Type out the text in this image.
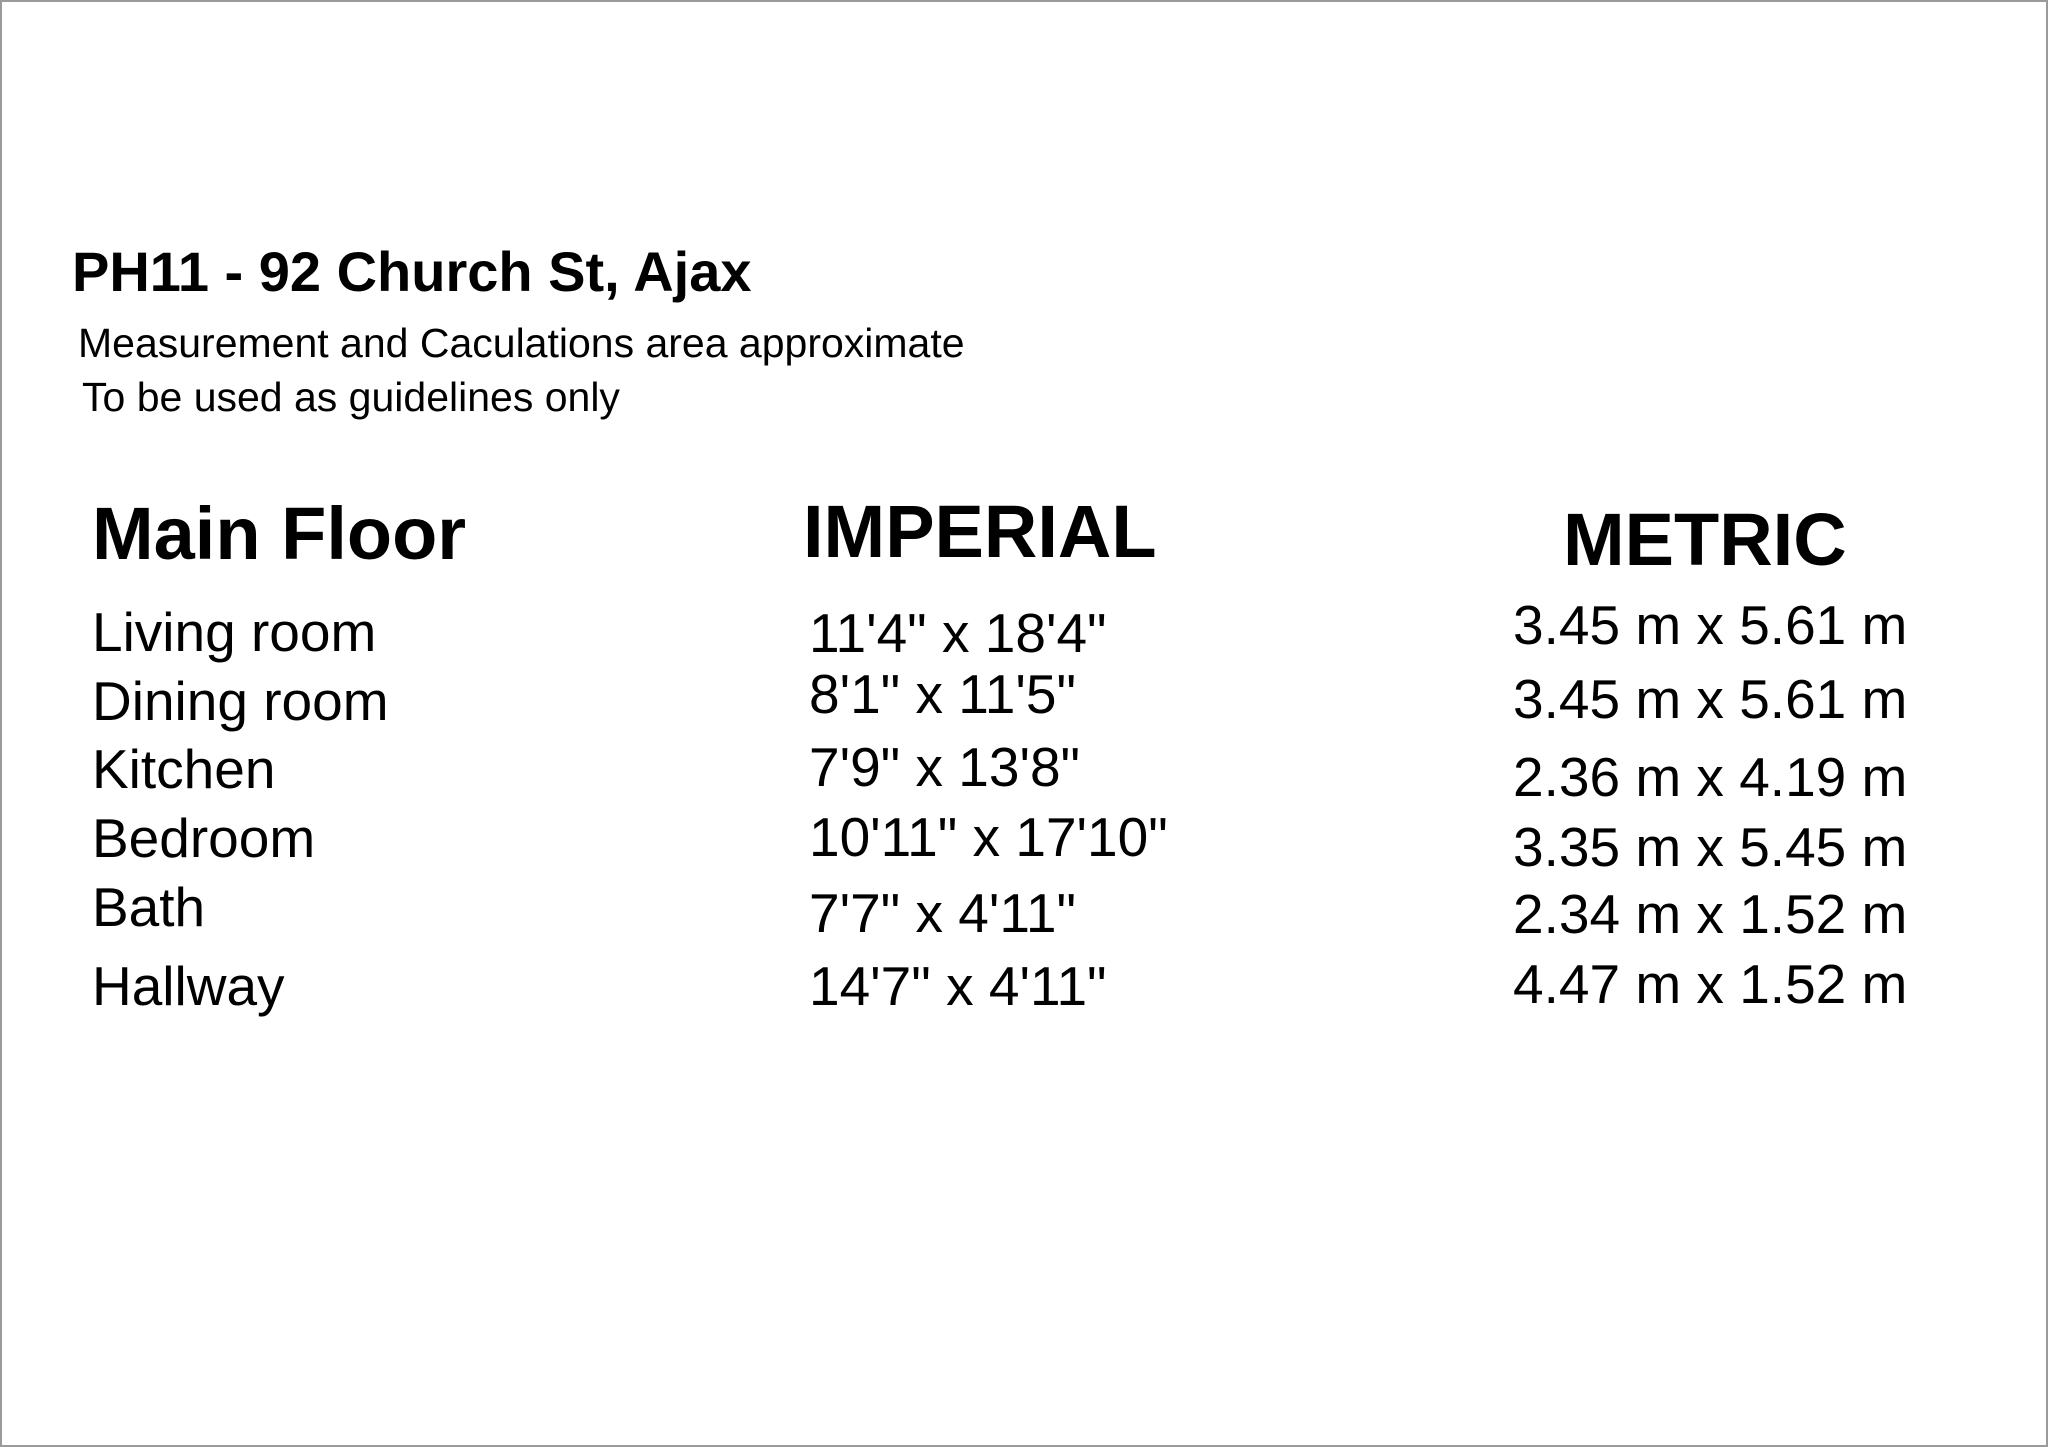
PH11 - 92 Church St, Ajax
Measurement and Caculations area approximate
To be used as guidelines only
Main Floor	IMPERIAL	METRIC
Living room	11'4" x 18'4"	3.45 m x 5.61 m
Dining room	8'1" x 11'5"	3.45 m x 5.61 m
Kitchen	7'9" x 13'8"	2.36 m x 4.19 m
Bedroom	10'11" x 17'10"	3.35 m x 5.45 m
Bath	7'7" x 4'11"	2.34 m x 1.52 m
Hallway	14'7" x 4'11"	4.47 m x 1.52 m
